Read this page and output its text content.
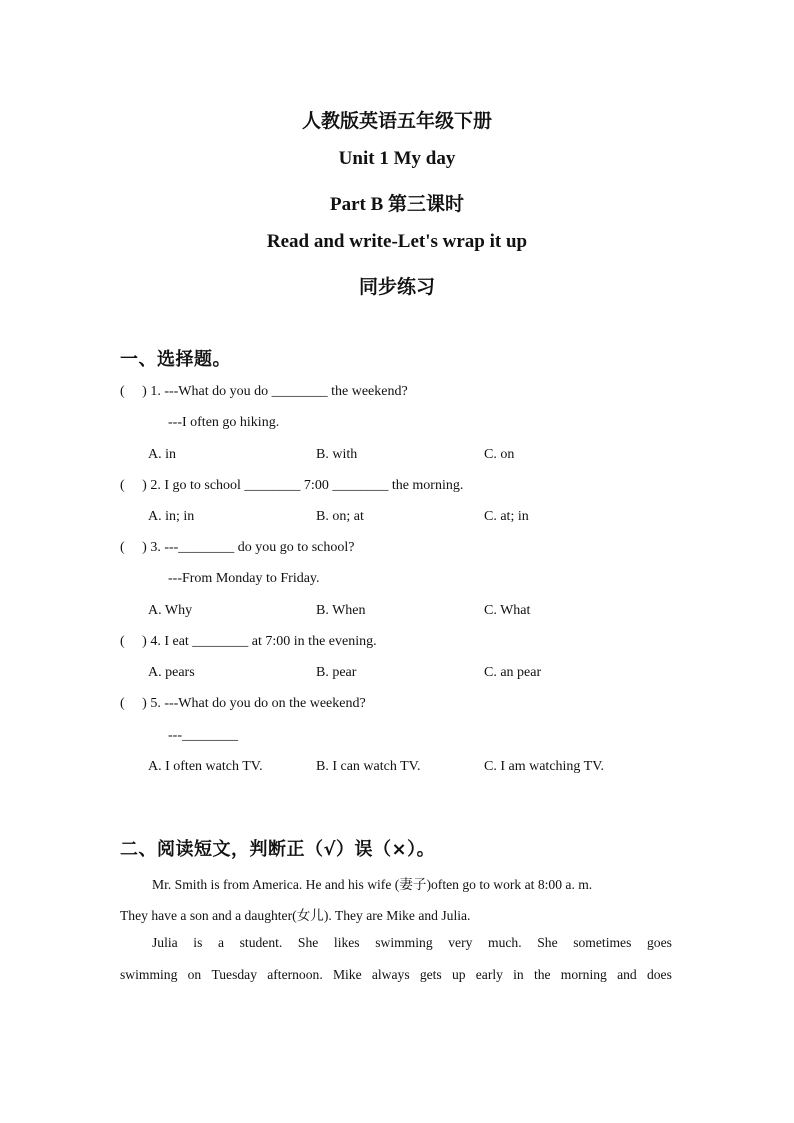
人教版英语五年级下册
Unit 1 My day
Part B 第三课时
Read and write-Let's wrap it up
同步练习
一、选择题。
(     ) 1. ---What do you do ________ the weekend?
---I often go hiking.
A. in	B. with	C. on
(     ) 2. I go to school ________ 7:00 ________ the morning.
A. in; in	B. on; at	C. at; in
(     ) 3. ---________ do you go to school?
---From Monday to Friday.
A. Why	B. When	C. What
(     ) 4. I eat ________ at 7:00 in the evening.
A. pears	B. pear	C. an pear
(     ) 5. ---What do you do on the weekend?
---________
A. I often watch TV.	B. I can watch TV.	C. I am watching TV.
二、阅读短文，判断正（√）误（×）。
Mr. Smith is from America. He and his wife (妻子)often go to work at 8:00 a. m.
They have a son and a daughter(女儿). They are Mike and Julia.
Julia is a student. She likes swimming very much. She sometimes goes
swimming on Tuesday afternoon. Mike always gets up early in the morning and does
